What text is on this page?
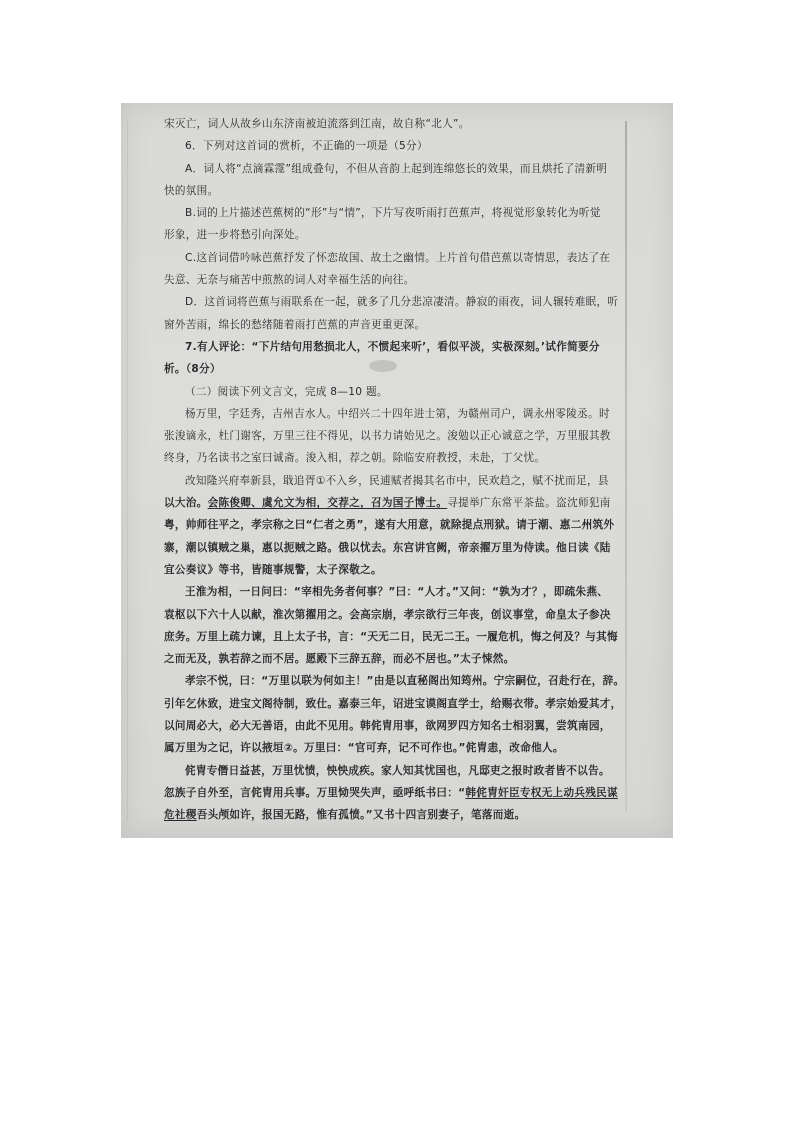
宋灭亡，词人从故乡山东济南被迫流落到江南，故自称“北人”。

6．下列对这首词的赏析，不正确的一项是（5分）

A．词人将“点滴霖霪”组成叠句，不但从音韵上起到连绵悠长的效果，而且烘托了清新明

快的氛围。

B.词的上片描述芭蕉树的“形”与“情”，下片写夜听雨打芭蕉声，将视觉形象转化为听觉

形象，进一步将愁引向深处。

C.这首词借吟咏芭蕉抒发了怀恋故国、故土之幽情。上片首句借芭蕉以寄情思，表达了在

失意、无奈与痛苦中煎熬的词人对幸福生活的向往。

D．这首词将芭蕉与雨联系在一起，就多了几分悲凉凄清。静寂的雨夜，词人辗转难眠，听

窗外苦雨，绵长的愁绪随着雨打芭蕉的声音更重更深。

7.有人评论：“下片结句用愁损北人，不惯起来听’，看似平淡，实极深刻。’试作简要分

析。（8分）

（二）阅读下列文言文，完成 8—10 题。

杨万里，字廷秀，吉州吉水人。中绍兴二十四年进士第，为赣州司户，调永州零陵丞。时

张浚谪永，杜门谢客，万里三往不得见，以书力请始见之。浚勉以正心诚意之学，万里服其教

终身，乃名读书之室曰诚斋。浚入相，荐之朝。除临安府教授，未赴，丁父忧。

改知隆兴府奉新县，戢追胥①不入乡，民逋赋者揭其名市中，民欢趋之，赋不扰而足，县

以大治。会陈俊卿、虞允文为相，交荐之，召为国子博士。寻提举广东常平茶盐。盗沈师犯南

粤，帅师往平之，孝宗称之曰“仁者之勇”，遂有大用意，就除提点刑狱。请于潮、惠二州筑外

寨，潮以镇贼之巢，惠以扼贼之路。俄以忧去。东宫讲官阙，帝亲擢万里为侍读。他日读《陆

宜公奏议》等书，皆随事规警，太子深敬之。

王淮为相，一日问曰：“宰相先务者何事？”曰：“人才。”又问：“孰为才？，即疏朱燕、

袁枢以下六十人以献，淮次第擢用之。会高宗崩，孝宗欲行三年丧，创议事堂，命皇太子参决

庶务。万里上疏力谏，且上太子书，言：“天无二日，民无二王。一履危机，悔之何及？与其悔

之而无及，孰若辞之而不居。愿殿下三辞五辞，而必不居也。”太子悚然。

孝宗不悦，曰：“万里以联为何如主！”由是以直秘阁出知筠州。宁宗嗣位，召赴行在，辞。

引年乞休致，进宝文阁待制，致仕。嘉泰三年，诏进宝谟阁直学士，给赐衣带。孝宗始爱其才，

以问周必大，必大无善语，由此不见用。韩侂胄用事，欲网罗四方知名士相羽翼，尝筑南园，

属万里为之记，许以掖垣②。万里曰：“官可弃，记不可作也。”侂胄恚，改命他人。

侂胄专僭日益甚，万里忧愤，怏怏成疾。家人知其忧国也，凡邸吏之报时政者皆不以告。

忽族子自外至，言侂胄用兵事。万里恸哭失声，亟呼纸书曰：“韩侂胄奸臣专权无上动兵残民谋

危社稷吾头颅如许，报国无路，惟有孤愤。”又书十四言别妻子，笔落而逝。
